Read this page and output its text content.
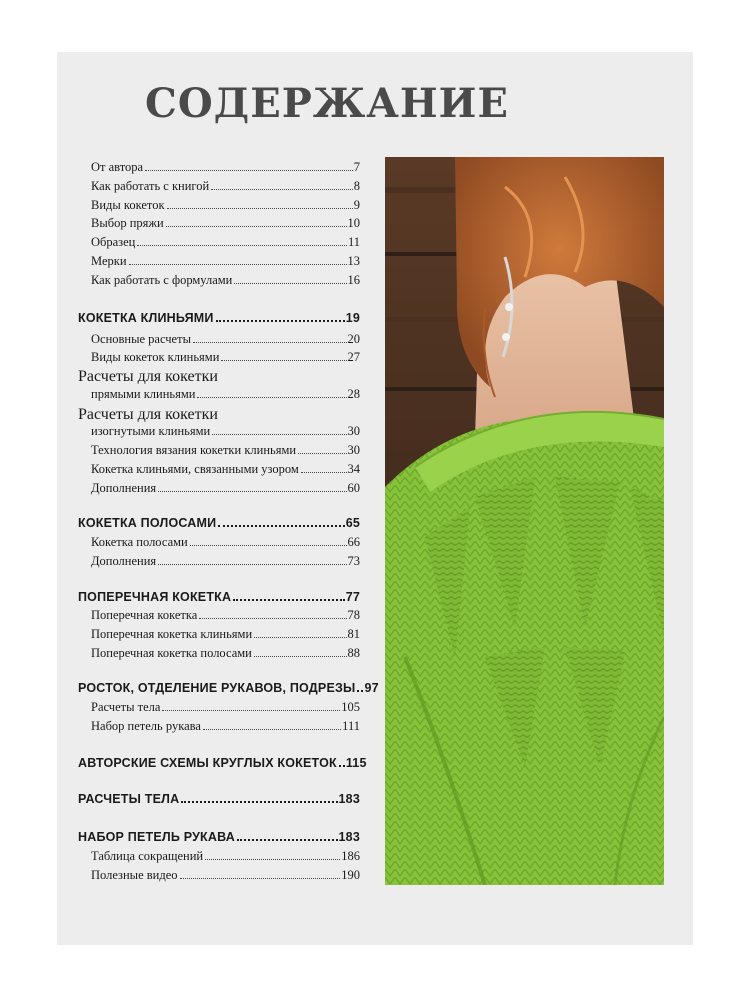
СОДЕРЖАНИЕ
От автора	7
Как работать с книгой	8
Виды кокеток	9
Выбор пряжи	10
Образец	11
Мерки	13
Как работать с формулами	16
КОКЕТКА КЛИНЬЯМИ	19
Основные расчеты	20
Виды кокеток клиньями	27
Расчеты для кокетки
прямыми клиньями	28
Расчеты для кокетки
изогнутыми клиньями	30
Технология вязания кокетки клиньями	30
Кокетка клиньями, связанными узором	34
Дополнения	60
КОКЕТКА ПОЛОСАМИ	65
Кокетка полосами	66
Дополнения	73
ПОПЕРЕЧНАЯ КОКЕТКА	77
Поперечная кокетка	78
Поперечная кокетка клиньями	81
Поперечная кокетка полосами	88
РОСТОК, ОТДЕЛЕНИЕ РУКАВОВ, ПОДРЕЗЫ 97
Расчеты тела	105
Набор петель рукава	111
АВТОРСКИЕ СХЕМЫ КРУГЛЫХ КОКЕТОК 115
РАСЧЕТЫ ТЕЛА	183
НАБОР ПЕТЕЛЬ РУКАВА	183
Таблица сокращений	186
Полезные видео	190
